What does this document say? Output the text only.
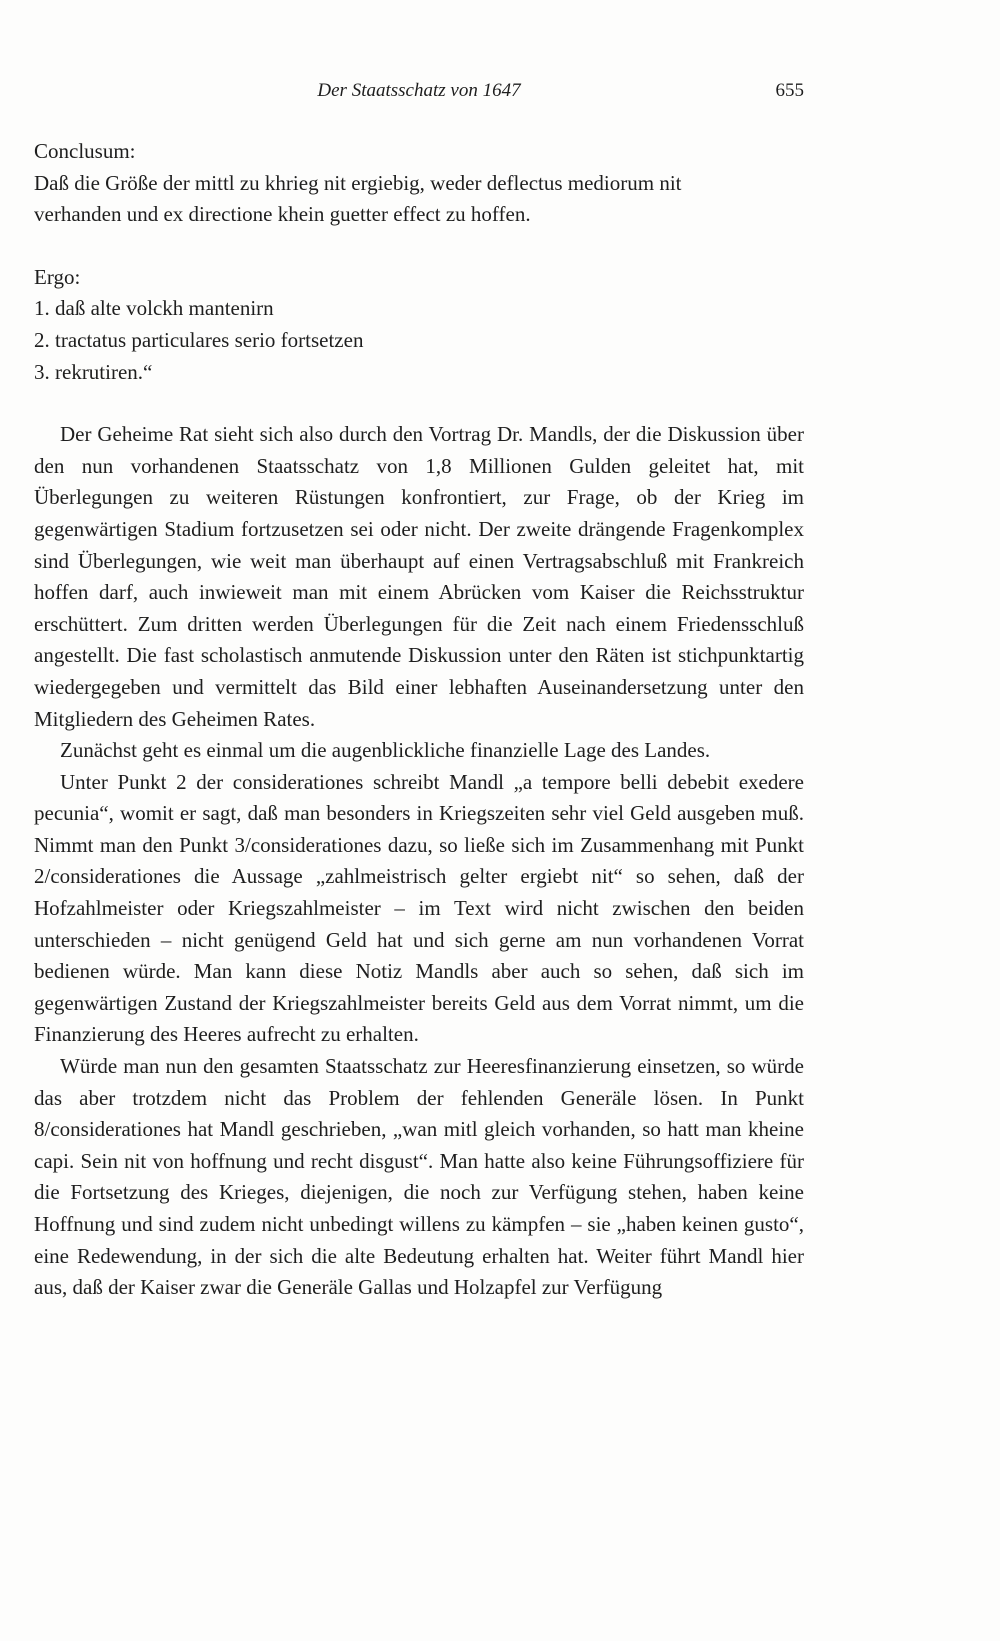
Der Staatsschatz von 1647	655
Conclusum:
Daß die Größe der mittl zu khrieg nit ergiebig, weder deflectus mediorum nit
verhanden und ex directione khein guetter effect zu hoffen.
Ergo:
1. daß alte volckh mantenirn
2. tractatus particulares serio fortsetzen
3. rekrutiren.“

Der Geheime Rat sieht sich also durch den Vortrag Dr. Mandls, der die Diskussion über den nun vorhandenen Staatsschatz von 1,8 Millionen Gulden geleitet hat, mit Überlegungen zu weiteren Rüstungen konfrontiert, zur Frage, ob der Krieg im gegenwärtigen Stadium fortzusetzen sei oder nicht. Der zweite drängende Fragenkomplex sind Überlegungen, wie weit man überhaupt auf einen Vertragsabschluß mit Frankreich hoffen darf, auch inwieweit man mit einem Abrücken vom Kaiser die Reichsstruktur erschüttert. Zum dritten werden Überlegungen für die Zeit nach einem Friedensschluß angestellt. Die fast scholastisch anmutende Diskussion unter den Räten ist stichpunktartig wiedergegeben und vermittelt das Bild einer lebhaften Auseinandersetzung unter den Mitgliedern des Geheimen Rates.

Zunächst geht es einmal um die augenblickliche finanzielle Lage des Landes.

Unter Punkt 2 der considerationes schreibt Mandl „a tempore belli debebit exedere pecunia“, womit er sagt, daß man besonders in Kriegszeiten sehr viel Geld ausgeben muß. Nimmt man den Punkt 3/considerationes dazu, so ließe sich im Zusammenhang mit Punkt 2/considerationes die Aussage „zahlmeistrisch gelter ergiebt nit“ so sehen, daß der Hofzahlmeister oder Kriegszahlmeister – im Text wird nicht zwischen den beiden unterschieden – nicht genügend Geld hat und sich gerne am nun vorhandenen Vorrat bedienen würde. Man kann diese Notiz Mandls aber auch so sehen, daß sich im gegenwärtigen Zustand der Kriegszahlmeister bereits Geld aus dem Vorrat nimmt, um die Finanzierung des Heeres aufrecht zu erhalten.

Würde man nun den gesamten Staatsschatz zur Heeresfinanzierung einsetzen, so würde das aber trotzdem nicht das Problem der fehlenden Generäle lösen. In Punkt 8/considerationes hat Mandl geschrieben, „wan mitl gleich vorhanden, so hatt man kheine capi. Sein nit von hoffnung und recht disgust“. Man hatte also keine Führungsoffiziere für die Fortsetzung des Krieges, diejenigen, die noch zur Verfügung stehen, haben keine Hoffnung und sind zudem nicht unbedingt willens zu kämpfen – sie „haben keinen gusto“, eine Redewendung, in der sich die alte Bedeutung erhalten hat. Weiter führt Mandl hier aus, daß der Kaiser zwar die Generäle Gallas und Holzapfel zur Verfügung
